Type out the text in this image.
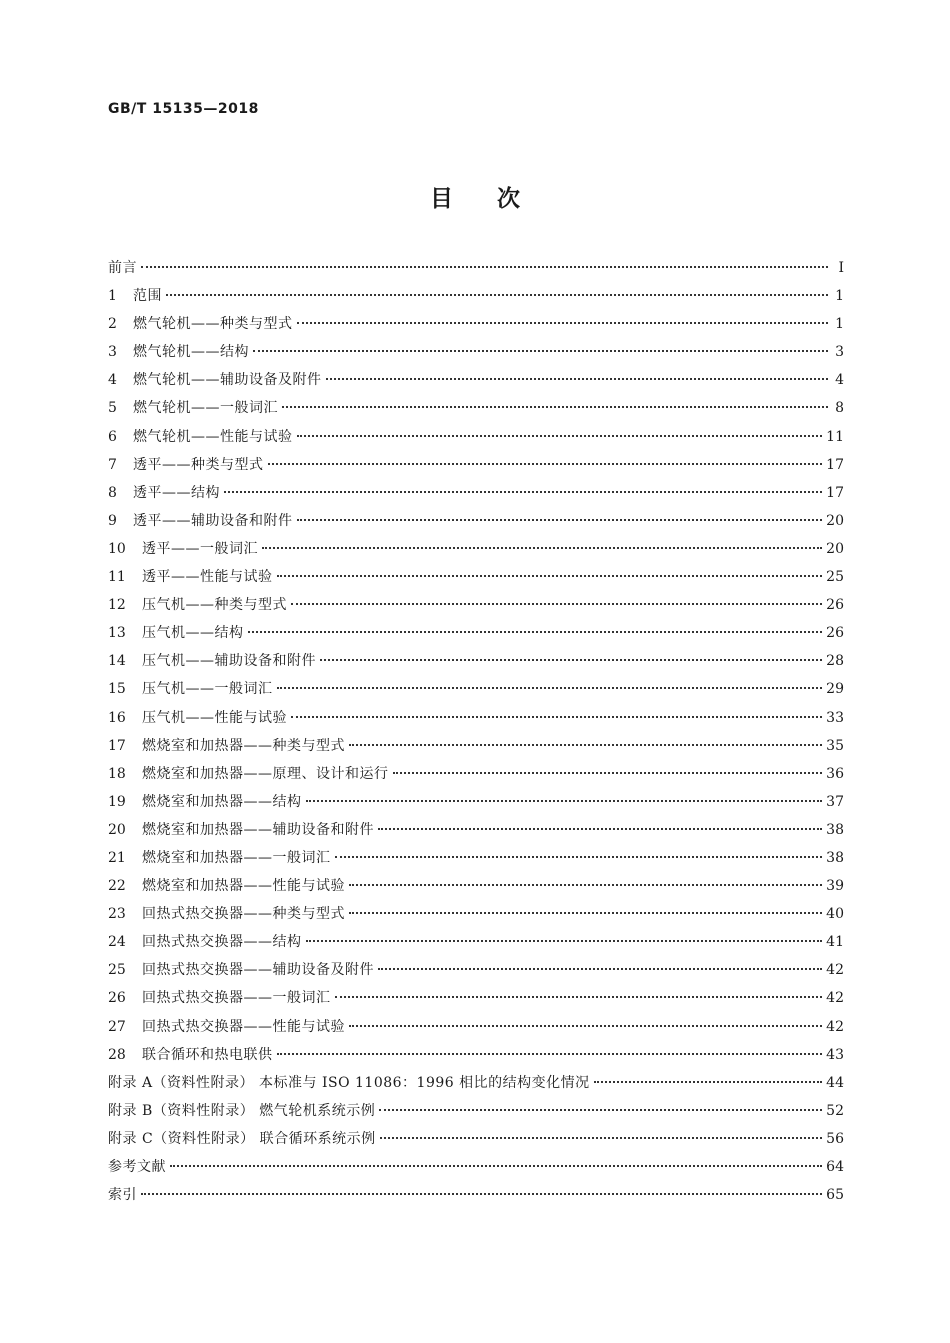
GB/T 15135—2018
目次
前言	Ⅰ
1	范围	1
2	燃气轮机——种类与型式	1
3	燃气轮机——结构	3
4	燃气轮机——辅助设备及附件	4
5	燃气轮机——一般词汇	8
6	燃气轮机——性能与试验	11
7	透平——种类与型式	17
8	透平——结构	17
9	透平——辅助设备和附件	20
10	透平——一般词汇	20
11	透平——性能与试验	25
12	压气机——种类与型式	26
13	压气机——结构	26
14	压气机——辅助设备和附件	28
15	压气机——一般词汇	29
16	压气机——性能与试验	33
17	燃烧室和加热器——种类与型式	35
18	燃烧室和加热器——原理、设计和运行	36
19	燃烧室和加热器——结构	37
20	燃烧室和加热器——辅助设备和附件	38
21	燃烧室和加热器——一般词汇	38
22	燃烧室和加热器——性能与试验	39
23	回热式热交换器——种类与型式	40
24	回热式热交换器——结构	41
25	回热式热交换器——辅助设备及附件	42
26	回热式热交换器——一般词汇	42
27	回热式热交换器——性能与试验	42
28	联合循环和热电联供	43
附录 A（资料性附录） 本标准与 ISO 11086：1996 相比的结构变化情况	44
附录 B（资料性附录） 燃气轮机系统示例	52
附录 C（资料性附录） 联合循环系统示例	56
参考文献	64
索引	65
